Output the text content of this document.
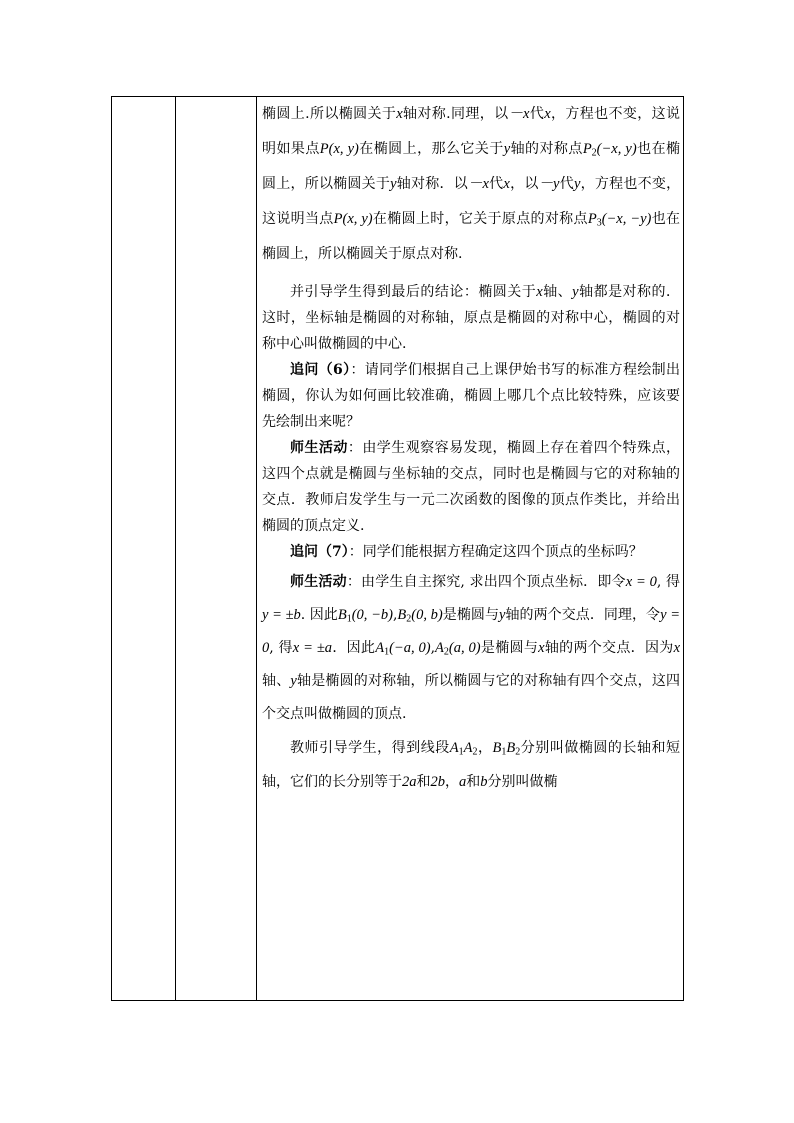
椭圆上.所以椭圆关于x轴对称.同理，以－x代x，方程也不变，这说明如果点P(x, y)在椭圆上，那么它关于y轴的对称点$P_2(-x$, y)也在椭圆上，所以椭圆关于y轴对称．以－x代x，以－y代y，方程也不变，这说明当点P(x, y)在椭圆上时，它关于原点的对称点$P_3(-x$, −y)也在椭圆上，所以椭圆关于原点对称.

并引导学生得到最后的结论：椭圆关于x轴、y轴都是对称的．这时，坐标轴是椭圆的对称轴，原点是椭圆的对称中心，椭圆的对称中心叫做椭圆的中心.

追问（6）：请同学们根据自己上课伊始书写的标准方程绘制出椭圆，你认为如何画比较准确，椭圆上哪几个点比较特殊，应该要先绘制出来呢？

师生活动：由学生观察容易发现，椭圆上存在着四个特殊点，这四个点就是椭圆与坐标轴的交点，同时也是椭圆与它的对称轴的交点．教师启发学生与一元二次函数的图像的顶点作类比，并给出椭圆的顶点定义.

追问（7）：同学们能根据方程确定这四个顶点的坐标吗？

师生活动：由学生自主探究, 求出四个顶点坐标．即令x = 0, 得y = ±b. 因此$B_1(0$, $-b),B_2(0$, b)是椭圆与y轴的两个交点．同理，令y = 0, 得x = ±a．因此$A_1(-a$, $0),A_2(a$, 0)是椭圆与x轴的两个交点．因为x轴、y轴是椭圆的对称轴，所以椭圆与它的对称轴有四个交点，这四个交点叫做椭圆的顶点.

教师引导学生，得到线段$A_1A_2$，$B_1B_2$分别叫做椭圆的长轴和短轴，它们的长分别等于2a和2b，a和b分别叫做椭
